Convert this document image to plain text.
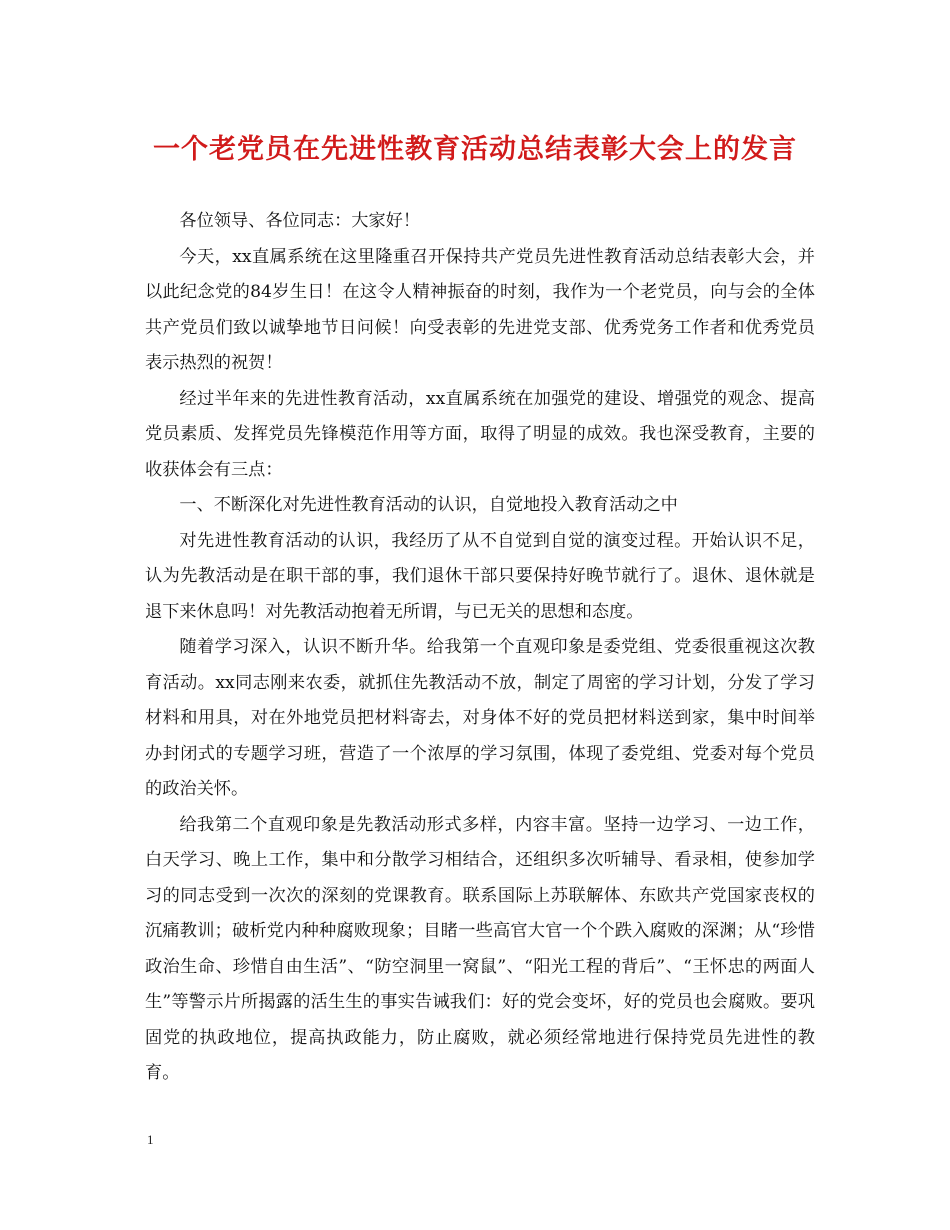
一个老党员在先进性教育活动总结表彰大会上的发言

各位领导、各位同志：大家好！

今天，xx直属系统在这里隆重召开保持共产党员先进性教育活动总结表彰大会，并以此纪念党的84岁生日！在这令人精神振奋的时刻，我作为一个老党员，向与会的全体共产党员们致以诚挚地节日问候！向受表彰的先进党支部、优秀党务工作者和优秀党员表示热烈的祝贺！

经过半年来的先进性教育活动，xx直属系统在加强党的建设、增强党的观念、提高党员素质、发挥党员先锋模范作用等方面，取得了明显的成效。我也深受教育，主要的收获体会有三点：

一、不断深化对先进性教育活动的认识，自觉地投入教育活动之中

对先进性教育活动的认识，我经历了从不自觉到自觉的演变过程。开始认识不足，认为先教活动是在职干部的事，我们退休干部只要保持好晚节就行了。退休、退休就是退下来休息吗！对先教活动抱着无所谓，与已无关的思想和态度。

随着学习深入，认识不断升华。给我第一个直观印象是委党组、党委很重视这次教育活动。xx同志刚来农委，就抓住先教活动不放，制定了周密的学习计划，分发了学习材料和用具，对在外地党员把材料寄去，对身体不好的党员把材料送到家，集中时间举办封闭式的专题学习班，营造了一个浓厚的学习氛围，体现了委党组、党委对每个党员的政治关怀。

给我第二个直观印象是先教活动形式多样，内容丰富。坚持一边学习、一边工作，白天学习、晚上工作，集中和分散学习相结合，还组织多次听辅导、看录相，使参加学习的同志受到一次次的深刻的党课教育。联系国际上苏联解体、东欧共产党国家丧权的沉痛教训；破析党内种种腐败现象；目睹一些高官大官一个个跌入腐败的深渊；从“珍惜政治生命、珍惜自由生活”、“防空洞里一窝鼠”、“阳光工程的背后”、“王怀忠的两面人生”等警示片所揭露的活生生的事实告诫我们：好的党会变坏，好的党员也会腐败。要巩固党的执政地位，提高执政能力，防止腐败，就必须经常地进行保持党员先进性的教育。

1
